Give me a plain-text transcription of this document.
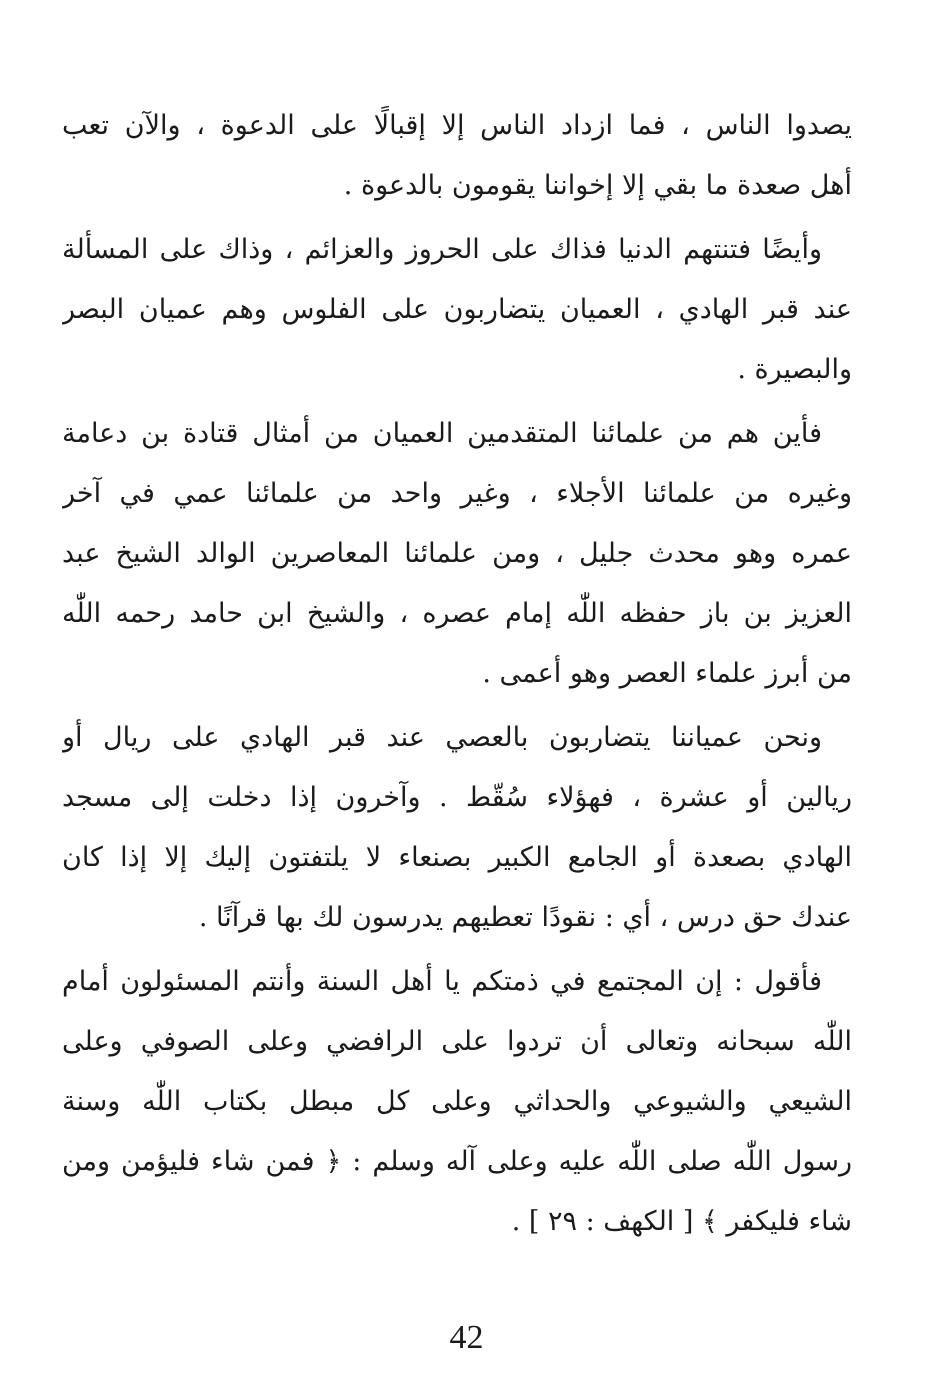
يصدوا الناس ، فما ازداد الناس إلا إقبالًا على الدعوة ، والآن تعب
أهل صعدة ما بقي إلا إخواننا يقومون بالدعوة .

وأيضًا فتنتهم الدنيا فذاك على الحروز والعزائم ، وذاك على المسألة
عند قبر الهادي ، العميان يتضاربون على الفلوس وهم عميان البصر
والبصيرة .

فأين هم من علمائنا المتقدمين العميان من أمثال قتادة بن دعامة
وغيره من علمائنا الأجلاء ، وغير واحد من علمائنا عمي في آخر
عمره وهو محدث جليل ، ومن علمائنا المعاصرين الوالد الشيخ عبد
العزيز بن باز حفظه اللّٰه إمام عصره ، والشيخ ابن حامد رحمه اللّٰه
من أبرز علماء العصر وهو أعمى .

ونحن عمياننا يتضاربون بالعصي عند قبر الهادي على ريال أو
ريالين أو عشرة ، فهؤلاء سُقّط . وآخرون إذا دخلت إلى مسجد
الهادي بصعدة أو الجامع الكبير بصنعاء لا يلتفتون إليك إلا إذا كان
عندك حق درس ، أي : نقودًا تعطيهم يدرسون لك بها قرآنًا .

فأقول : إن المجتمع في ذمتكم يا أهل السنة وأنتم المسئولون أمام
اللّٰه سبحانه وتعالى أن تردوا على الرافضي وعلى الصوفي وعلى
الشيعي والشيوعي والحداثي وعلى كل مبطل بكتاب اللّٰه وسنة
رسول اللّٰه صلى اللّٰه عليه وعلى آله وسلم : ﴿ فمن شاء فليؤمن ومن
شاء فليكفر ﴾ [ الكهف : ٢٩ ] .

42
